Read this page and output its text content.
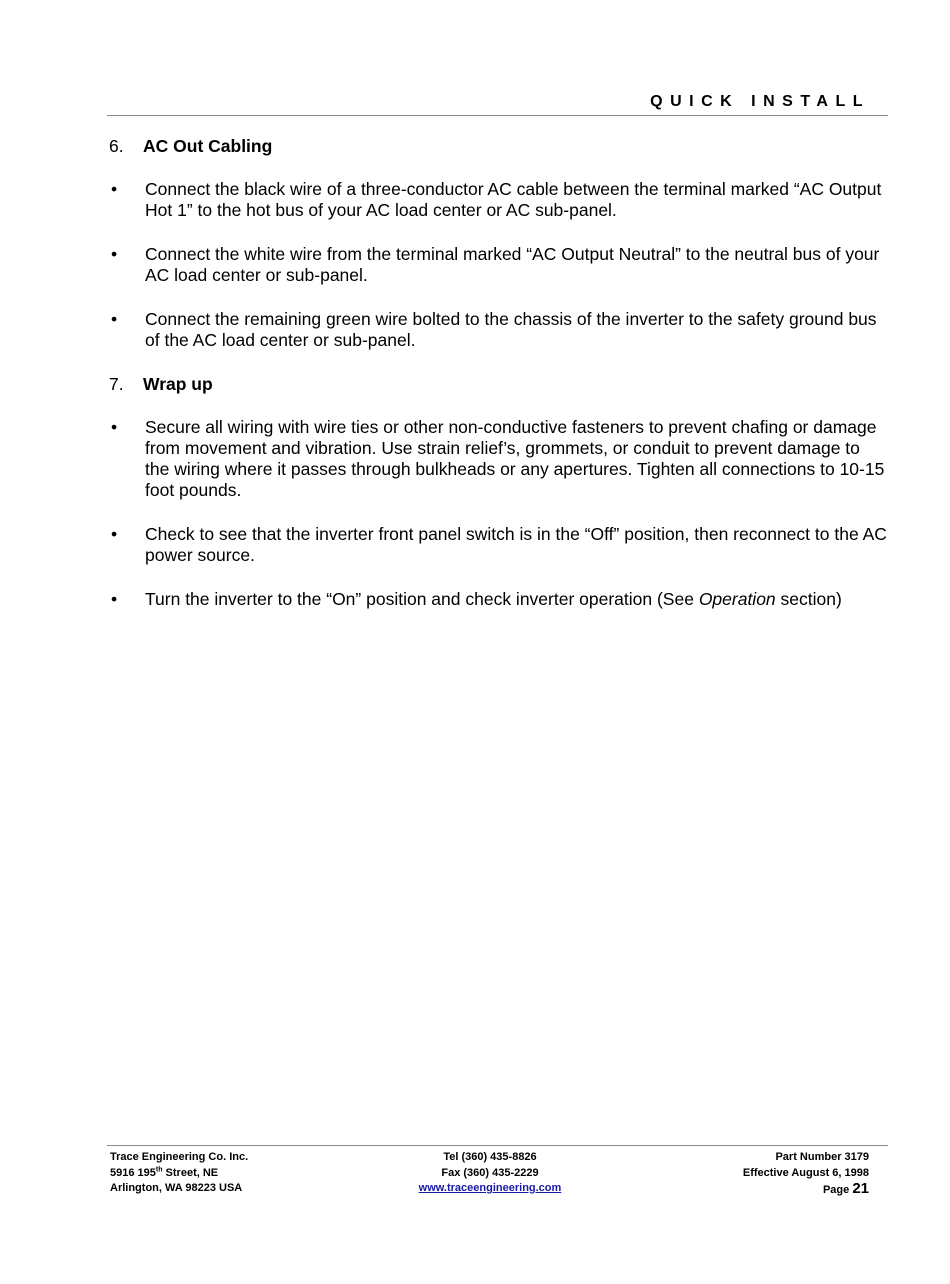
QUICK INSTALL
6.	AC Out Cabling
•	Connect the black wire of a three-conductor AC cable between the terminal marked “AC Output Hot 1” to the hot bus of your AC load center or AC sub-panel.
•	Connect the white wire from the terminal marked “AC Output Neutral” to the neutral bus of your AC load center or sub-panel.
•	Connect the remaining green wire bolted to the chassis of the inverter to the safety ground bus of the AC load center or sub-panel.
7.	Wrap up
•	Secure all wiring with wire ties or other non-conductive fasteners to prevent chafing or damage from movement and vibration. Use strain relief’s, grommets, or conduit to prevent damage to the wiring where it passes through bulkheads or any apertures. Tighten all connections to 10-15 foot pounds.
•	Check to see that the inverter front panel switch is in the “Off” position, then reconnect to the AC power source.
•	Turn the inverter to the “On” position and check inverter operation (See Operation section)
Trace Engineering Co. Inc.
5916 195th Street, NE
Arlington, WA 98223 USA
Tel (360) 435-8826
Fax (360) 435-2229
www.traceengineering.com
Part Number 3179
Effective August 6, 1998
Page 21
